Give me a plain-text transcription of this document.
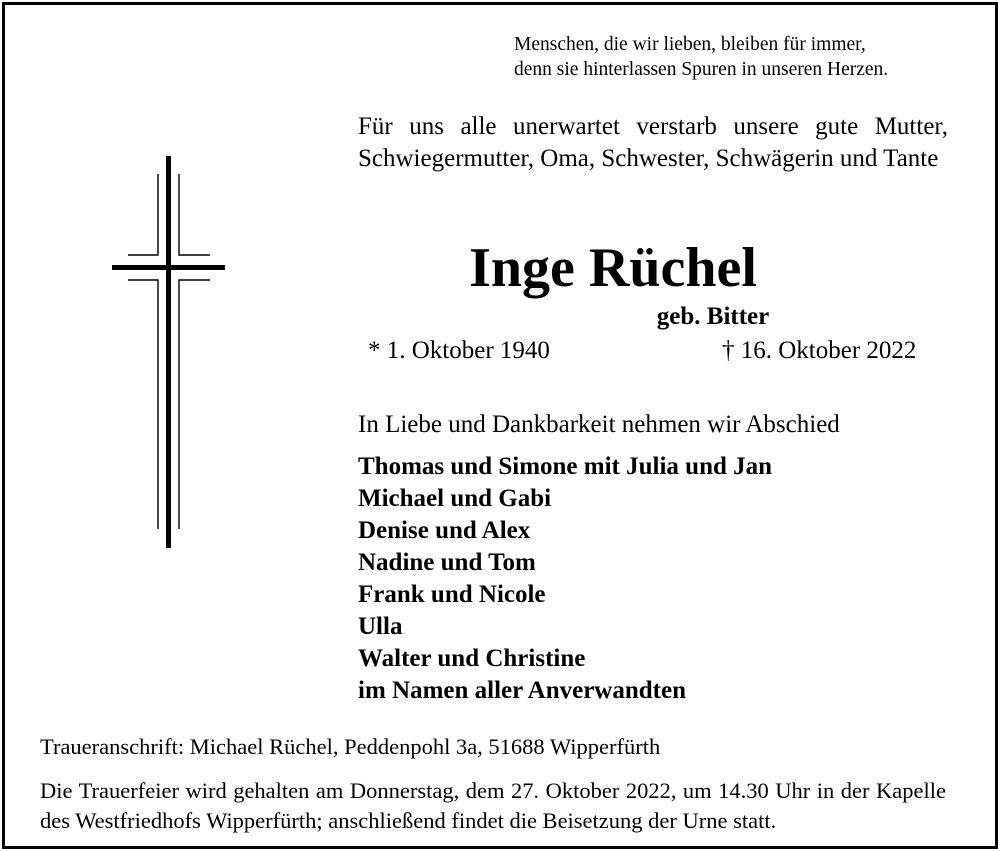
Menschen, die wir lieben, bleiben für immer,
denn sie hinterlassen Spuren in unseren Herzen.
Für uns alle unerwartet verstarb unsere gute Mutter, Schwiegermutter, Oma, Schwester, Schwägerin und Tante
Inge Rüchel
geb. Bitter
* 1. Oktober 1940	† 16. Oktober 2022
In Liebe und Dankbarkeit nehmen wir Abschied
Thomas und Simone mit Julia und Jan
Michael und Gabi
Denise und Alex
Nadine und Tom
Frank und Nicole
Ulla
Walter und Christine
im Namen aller Anverwandten
Traueranschrift: Michael Rüchel, Peddenpohl 3a, 51688 Wipperfürth
Die Trauerfeier wird gehalten am Donnerstag, dem 27. Oktober 2022, um 14.30 Uhr in der Kapelle des Westfriedhofs Wipperfürth; anschließend findet die Beisetzung der Urne statt.
